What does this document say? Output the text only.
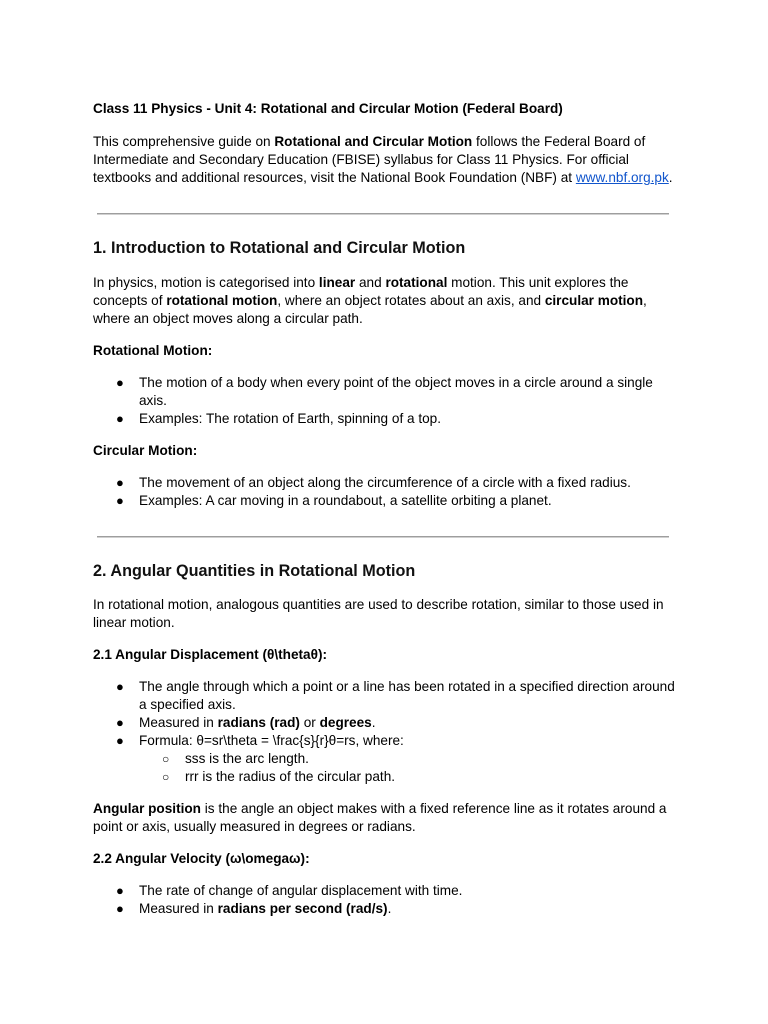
Class 11 Physics - Unit 4: Rotational and Circular Motion (Federal Board)

This comprehensive guide on Rotational and Circular Motion follows the Federal Board of Intermediate and Secondary Education (FBISE) syllabus for Class 11 Physics. For official textbooks and additional resources, visit the National Book Foundation (NBF) at www.nbf.org.pk.

1. Introduction to Rotational and Circular Motion

In physics, motion is categorised into linear and rotational motion. This unit explores the concepts of rotational motion, where an object rotates about an axis, and circular motion, where an object moves along a circular path.

Rotational Motion:

● The motion of a body when every point of the object moves in a circle around a single axis.
● Examples: The rotation of Earth, spinning of a top.

Circular Motion:

● The movement of an object along the circumference of a circle with a fixed radius.
● Examples: A car moving in a roundabout, a satellite orbiting a planet.
2. Angular Quantities in Rotational Motion

In rotational motion, analogous quantities are used to describe rotation, similar to those used in linear motion.

2.1 Angular Displacement (θ\thetaθ):

● The angle through which a point or a line has been rotated in a specified direction around a specified axis.
● Measured in radians (rad) or degrees.
● Formula: θ=sr\theta = \frac{s}{r}θ=rs, where:
○ sss is the arc length.
○ rrr is the radius of the circular path.

Angular position is the angle an object makes with a fixed reference line as it rotates around a point or axis, usually measured in degrees or radians.

2.2 Angular Velocity (ω\omegaω):

● The rate of change of angular displacement with time.
● Measured in radians per second (rad/s).
